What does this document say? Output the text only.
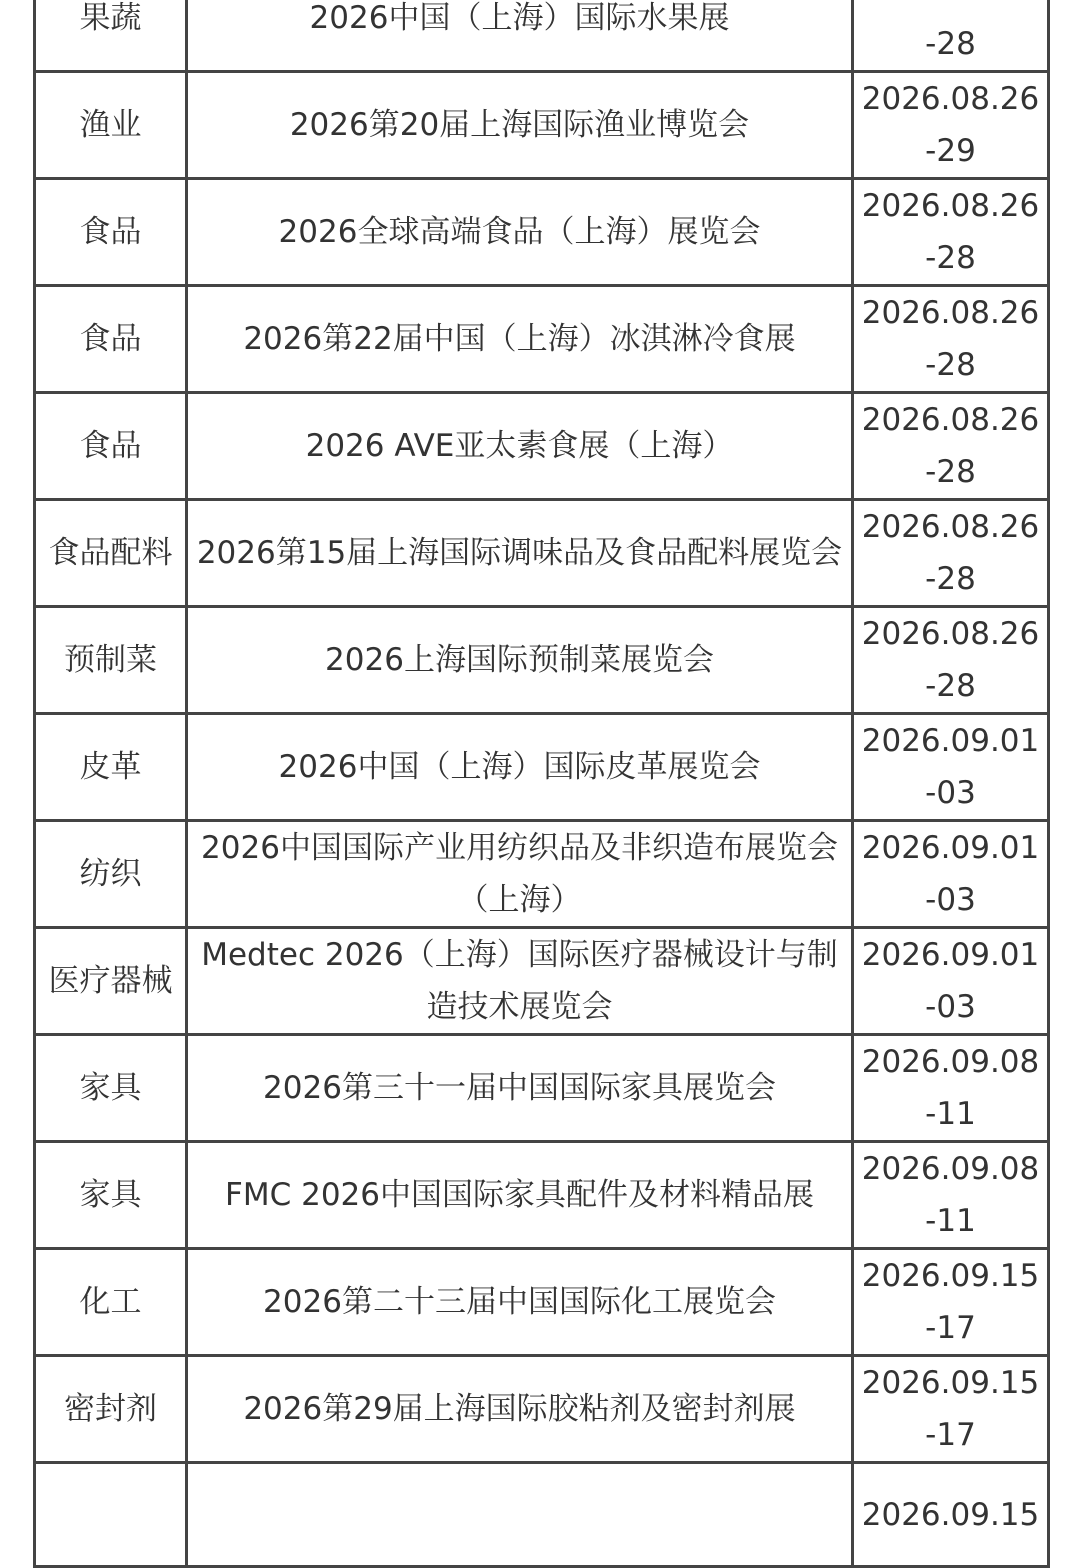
果蔬	2026中国（上海）国际水果展	
-28
渔业	2026第20届上海国际渔业博览会	2026.08.26
-29
食品	2026全球高端食品（上海）展览会	2026.08.26
-28
食品	2026第22届中国（上海）冰淇淋冷食展	2026.08.26
-28
食品	2026 AVE亚太素食展（上海）	2026.08.26
-28
食品配料	2026第15届上海国际调味品及食品配料展览会	2026.08.26
-28
预制菜	2026上海国际预制菜展览会	2026.08.26
-28
皮革	2026中国（上海）国际皮革展览会	2026.09.01
-03
纺织	2026中国国际产业用纺织品及非织造布展览会（上海）	2026.09.01
-03
医疗器械	Medtec 2026（上海）国际医疗器械设计与制造技术展览会	2026.09.01
-03
家具	2026第三十一届中国国际家具展览会	2026.09.08
-11
家具	FMC 2026中国国际家具配件及材料精品展	2026.09.08
-11
化工	2026第二十三届中国国际化工展览会	2026.09.15
-17
密封剂	2026第29届上海国际胶粘剂及密封剂展	2026.09.15
-17
		2026.09.15
